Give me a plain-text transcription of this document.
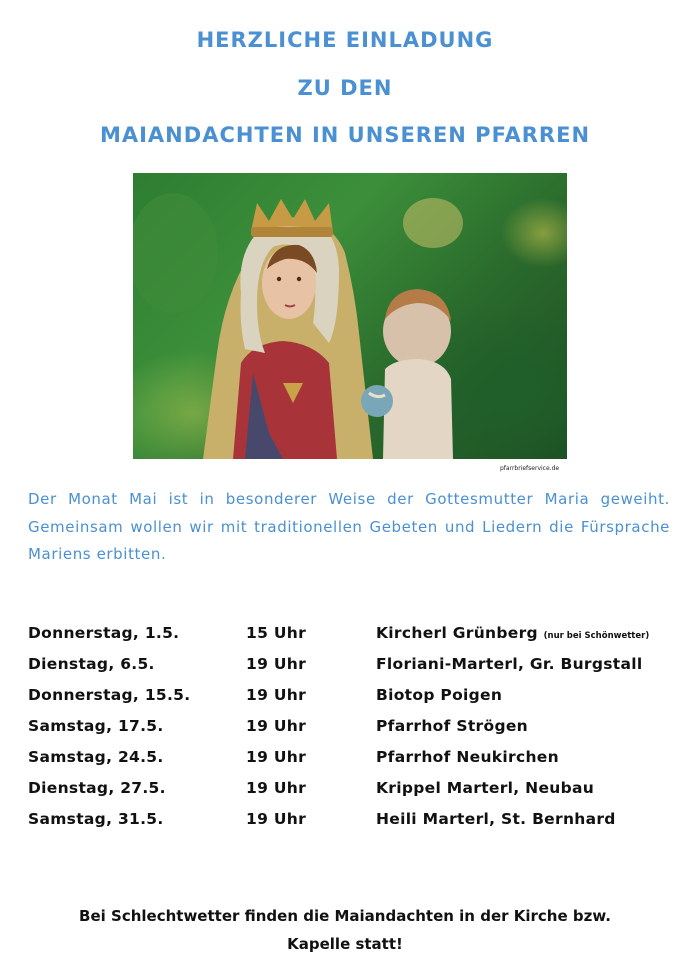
HERZLICHE EINLADUNG
ZU DEN
MAIANDACHTEN IN UNSEREN PFARREN
pfarrbriefservice.de
Der Monat Mai ist in besonderer Weise der Gottesmutter Maria geweiht. Gemeinsam wollen wir mit traditionellen Gebeten und Liedern die Fürsprache Mariens erbitten.
Donnerstag, 1.5.	15 Uhr	Kircherl Grünberg (nur bei Schönwetter)
Dienstag, 6.5.	19 Uhr	Floriani-Marterl, Gr. Burgstall
Donnerstag, 15.5.	19 Uhr	Biotop Poigen
Samstag, 17.5.	19 Uhr	Pfarrhof Strögen
Samstag, 24.5.	19 Uhr	Pfarrhof Neukirchen
Dienstag, 27.5.	19 Uhr	Krippel Marterl, Neubau
Samstag, 31.5.	19 Uhr	Heili Marterl, St. Bernhard
Bei Schlechtwetter finden die Maiandachten in der Kirche bzw.
Kapelle statt!
